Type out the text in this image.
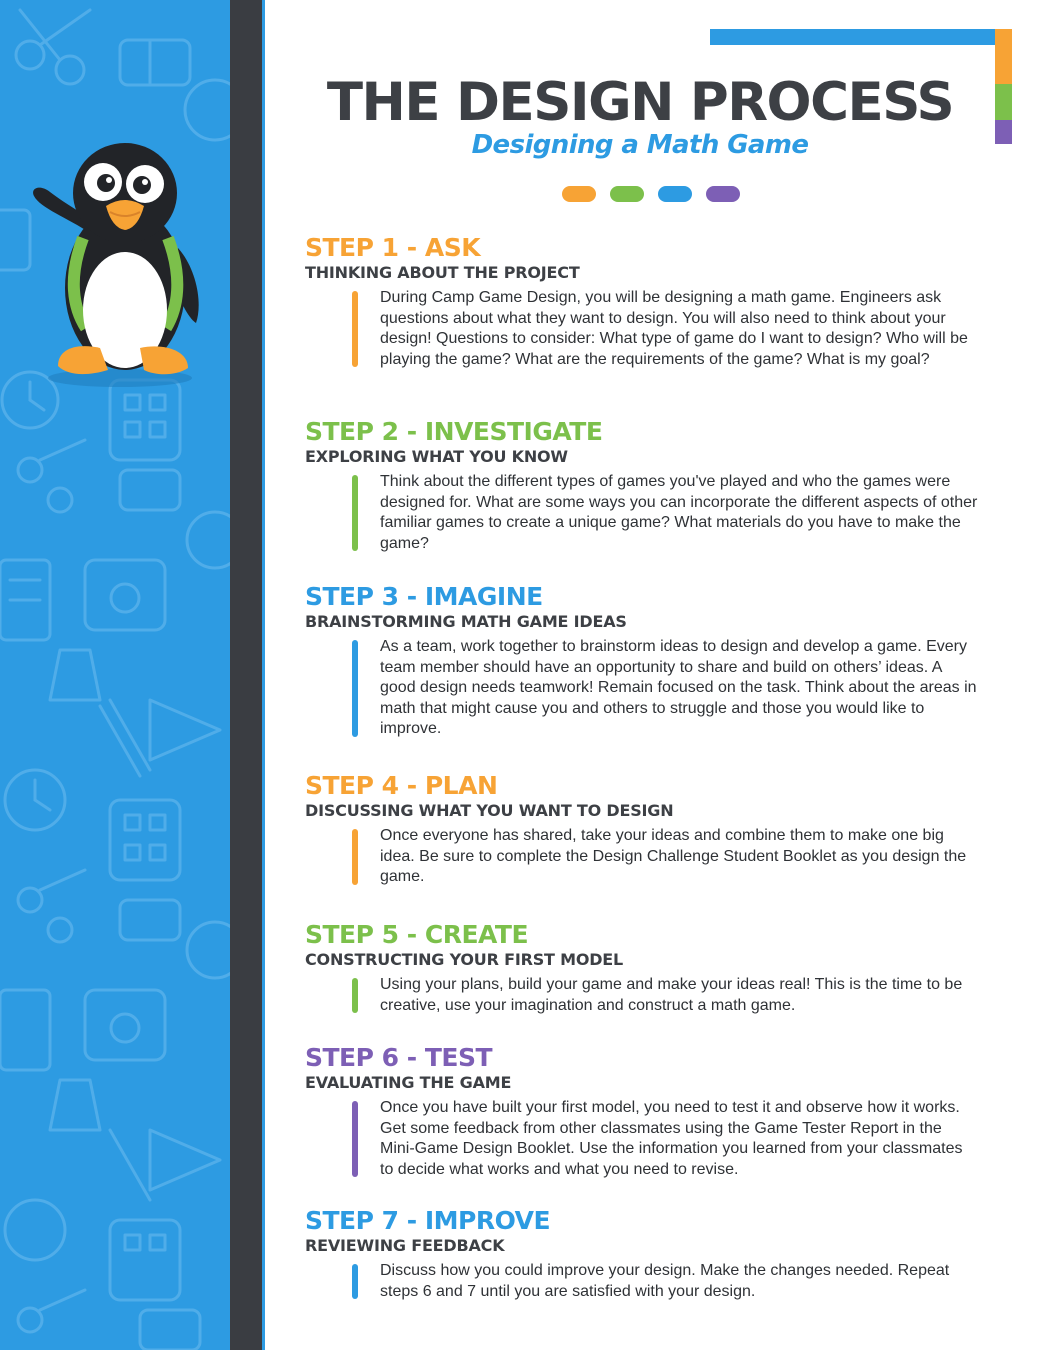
THE DESIGN PROCESS
Designing a Math Game
STEP 1 - ASK
THINKING ABOUT THE PROJECT

During Camp Game Design, you will be designing a math game. Engineers ask questions about what they want to design. You will also need to think about your design! Questions to consider: What type of game do I want to design? Who will be playing the game? What are the requirements of the game? What is my goal?

STEP 2 - INVESTIGATE
EXPLORING WHAT YOU KNOW

Think about the different types of games you've played and who the games were designed for. What are some ways you can incorporate the different aspects of other familiar games to create a unique game? What materials do you have to make the game?

STEP 3 - IMAGINE
BRAINSTORMING MATH GAME IDEAS

As a team, work together to brainstorm ideas to design and develop a game. Every team member should have an opportunity to share and build on others’ ideas. A good design needs teamwork! Remain focused on the task. Think about the areas in math that might cause you and others to struggle and those you would like to improve.

STEP 4 - PLAN
DISCUSSING WHAT YOU WANT TO DESIGN

Once everyone has shared, take your ideas and combine them to make one big idea. Be sure to complete the Design Challenge Student Booklet as you design the game.

STEP 5 - CREATE
CONSTRUCTING YOUR FIRST MODEL

Using your plans, build your game and make your ideas real! This is the time to be creative, use your imagination and construct a math game.

STEP 6 - TEST
EVALUATING THE GAME

Once you have built your first model, you need to test it and observe how it works. Get some feedback from other classmates using the Game Tester Report in the Mini-Game Design Booklet. Use the information you learned from your classmates to decide what works and what you need to revise.

STEP 7 - IMPROVE
REVIEWING FEEDBACK

Discuss how you could improve your design. Make the changes needed. Repeat steps 6 and 7 until you are satisfied with your design.
